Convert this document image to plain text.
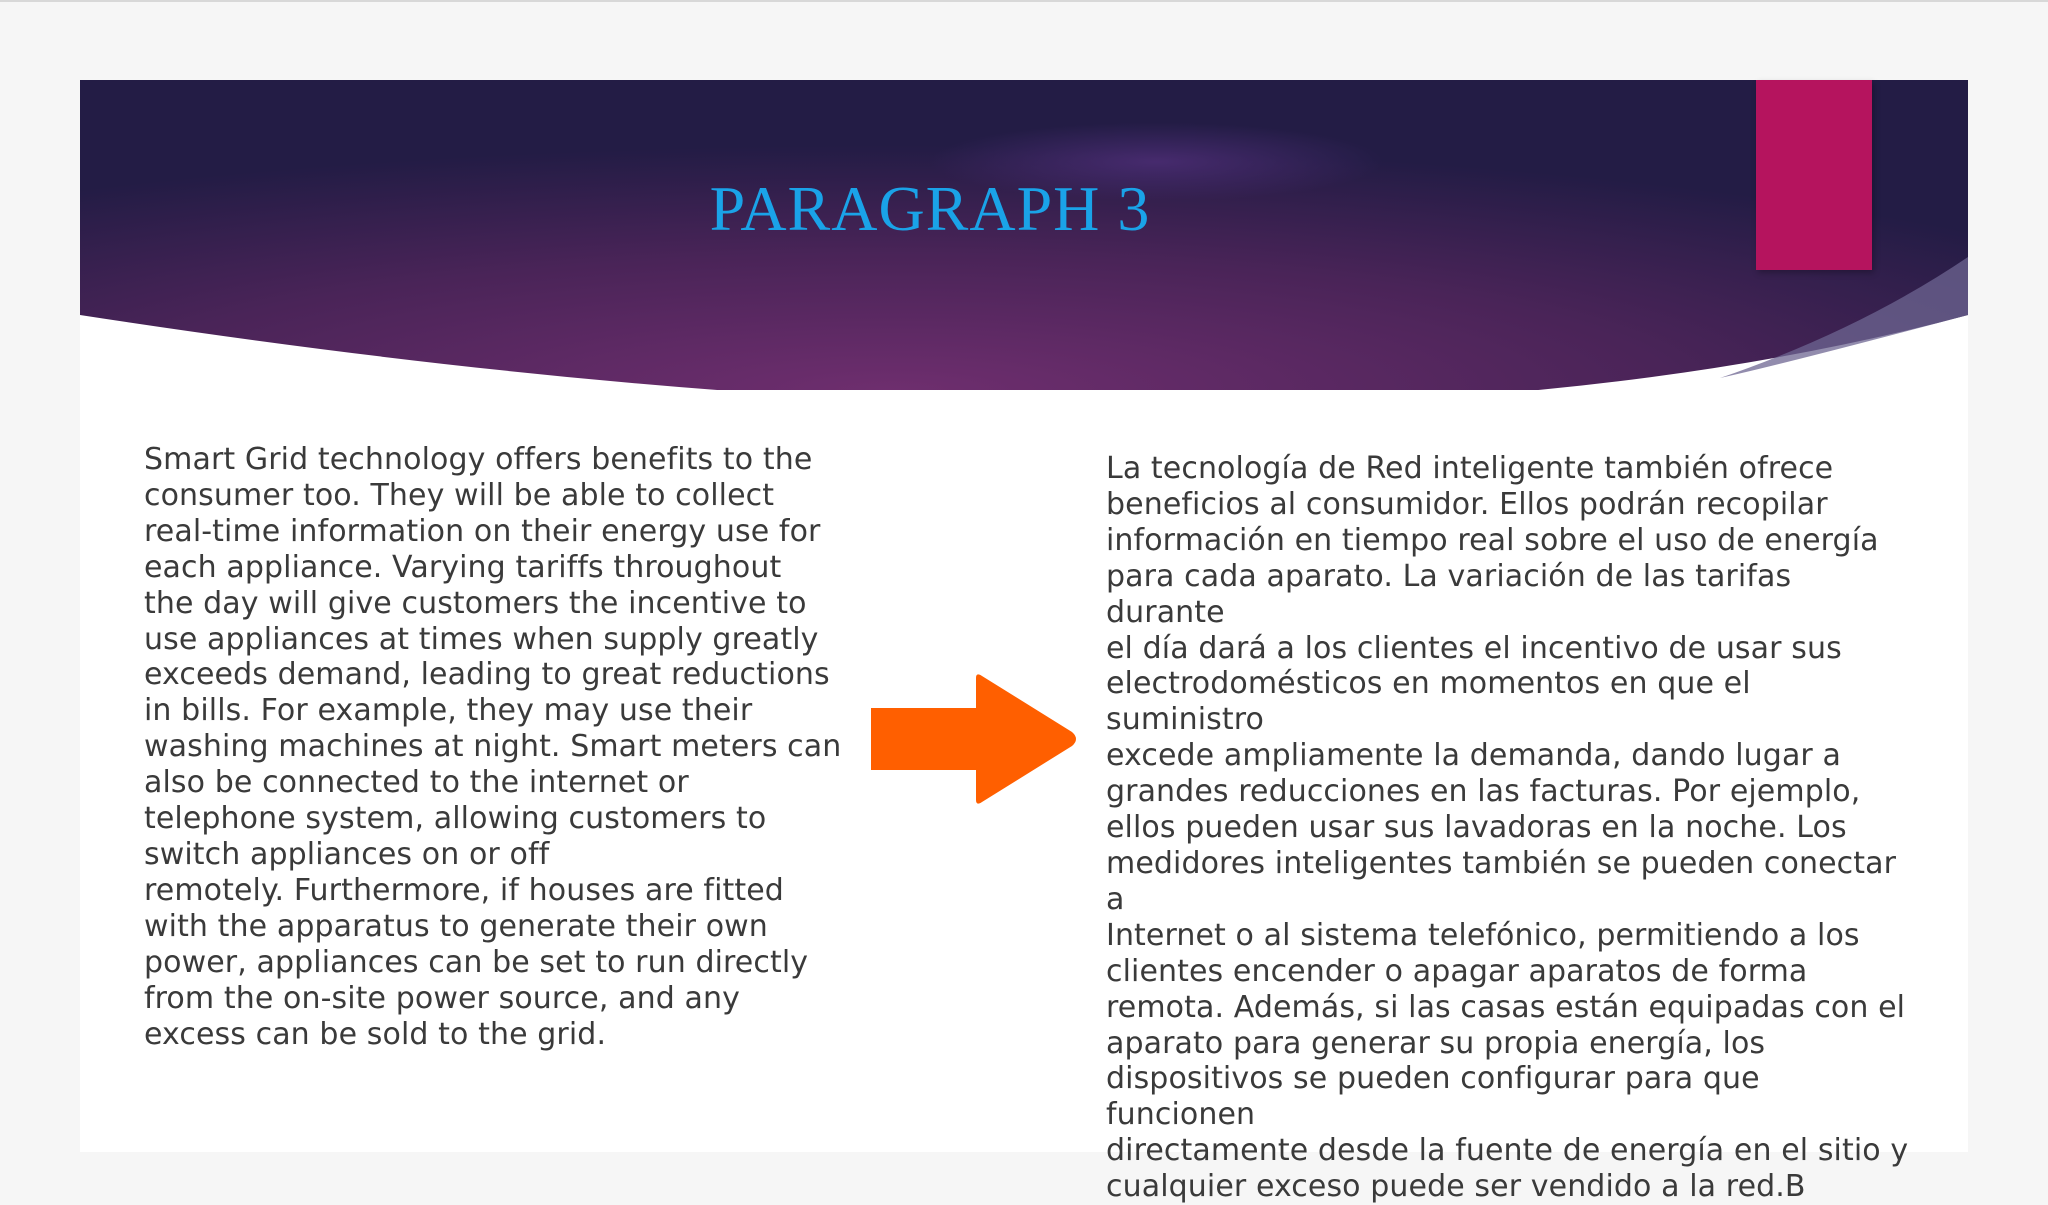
PARAGRAPH 3

Smart Grid technology offers benefits to the
consumer too. They will be able to collect
real-time information on their energy use for
each appliance. Varying tariffs throughout
the day will give customers the incentive to
use appliances at times when supply greatly
exceeds demand, leading to great reductions
in bills. For example, they may use their
washing machines at night. Smart meters can
also be connected to the internet or
telephone system, allowing customers to
switch appliances on or off
remotely. Furthermore, if houses are fitted
with the apparatus to generate their own
power, appliances can be set to run directly
from the on-site power source, and any
excess can be sold to the grid.

La tecnología de Red inteligente también ofrece
beneficios al consumidor. Ellos podrán recopilar
información en tiempo real sobre el uso de energía
para cada aparato. La variación de las tarifas durante
el día dará a los clientes el incentivo de usar sus
electrodomésticos en momentos en que el suministro
excede ampliamente la demanda, dando lugar a
grandes reducciones en las facturas. Por ejemplo,
ellos pueden usar sus lavadoras en la noche. Los
medidores inteligentes también se pueden conectar a
Internet o al sistema telefónico, permitiendo a los
clientes encender o apagar aparatos de forma
remota. Además, si las casas están equipadas con el
aparato para generar su propia energía, los
dispositivos se pueden configurar para que funcionen
directamente desde la fuente de energía en el sitio y
cualquier exceso puede ser vendido a la red.B
